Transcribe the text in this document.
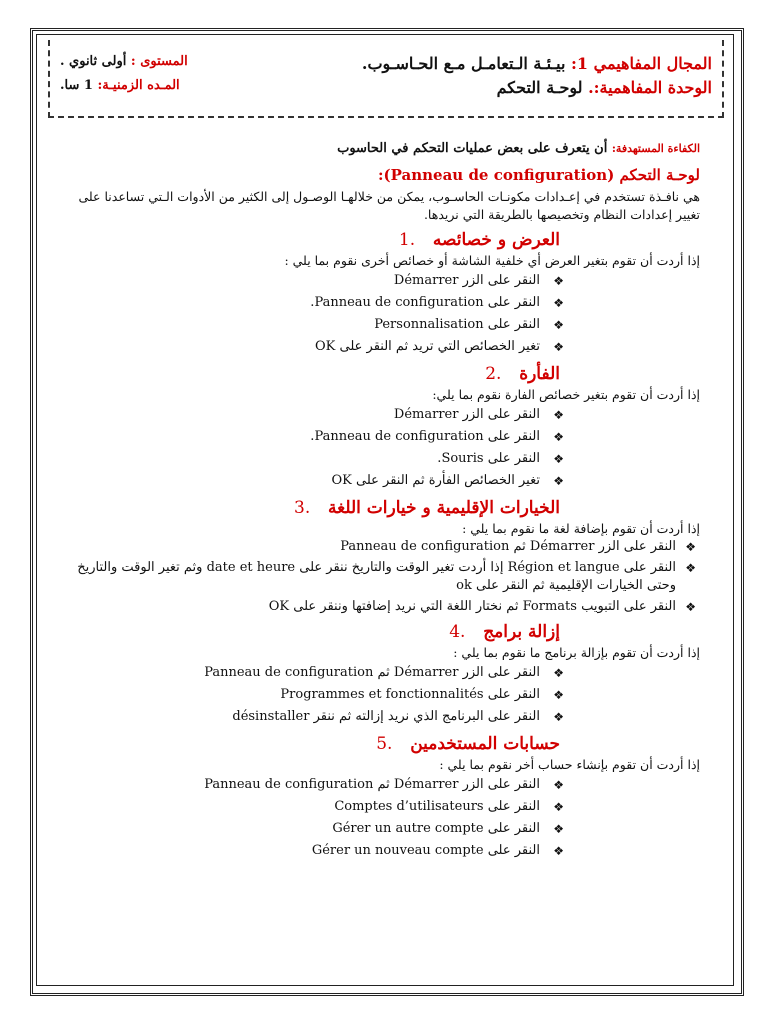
المجال المفاهيمي 1: بيـئـة الـتعامـل مـع الحـاسـوب.
المستوى : أولى ثانوي .
الوحدة المفاهمية:. لوحـة التحكم
المـده الزمنيـة: 1 سا.
الكفاءة المستهدفة: أن يتعرف على بعض عمليات التحكم في الحاسوب
لوحـة التحكم (Panneau de configuration):
هي نافـذة تستخدم في إعـدادات مكونـات الحاسـوب، يمكن من خلالهـا الوصـول إلى الكثير من الأدوات الـتي تساعدنا على تغيير إعدادات النظام وتخصيصها بالطريقة التي نريدها.
العرض و خصائصه   .1
إذا أردت أن تقوم بتغير العرض أي خلفية الشاشة أو خصائص أخرى نقوم بما يلي :
❖
النقر على الزر Démarrer
❖
النقر على Panneau de configuration.
❖
النقر على Personnalisation
❖
تغير الخصائص التي تريد ثم النقر على OK
الفأرة   .2
إذا أردت أن تقوم بتغير خصائص الفارة نقوم بما يلي:
❖
النقر على الزر Démarrer
❖
النقر على Panneau de configuration.
❖
النقر على Souris.
❖
تغير الخصائص الفأرة ثم النقر على OK
الخيارات الإقليمية و خيارات اللغة   .3
إذا أردت أن تقوم بإضافة لغة ما نقوم بما يلي :
❖
النقر على الزر Démarrer ثم Panneau de configuration
❖
النقر على Région et langue إذا أردت تغير الوقت والتاريخ ننقر على date et heure وثم تغير الوقت والتاريخ وحتى الخيارات الإقليمية ثم النقر على ok
❖
النقر على التبويب Formats ثم نختار اللغة التي نريد إضافتها وننقر على OK
إزالة برامج   .4
إذا أردت أن تقوم بإزالة برنامج ما نقوم بما يلي :
❖
النقر على الزر Démarrer ثم Panneau de configuration
❖
النقر على Programmes et fonctionnalités
❖
النقر على البرنامج الذي نريد إزالته ثم ننقر désinstaller
حسابات المستخدمين   .5
إذا أردت أن تقوم بإنشاء حساب أخر نقوم بما يلي :
❖
النقر على الزر Démarrer ثم Panneau de configuration
❖
النقر على Comptes d’utilisateurs
❖
النقر على Gérer un autre compte
❖
النقر على Gérer un nouveau compte
